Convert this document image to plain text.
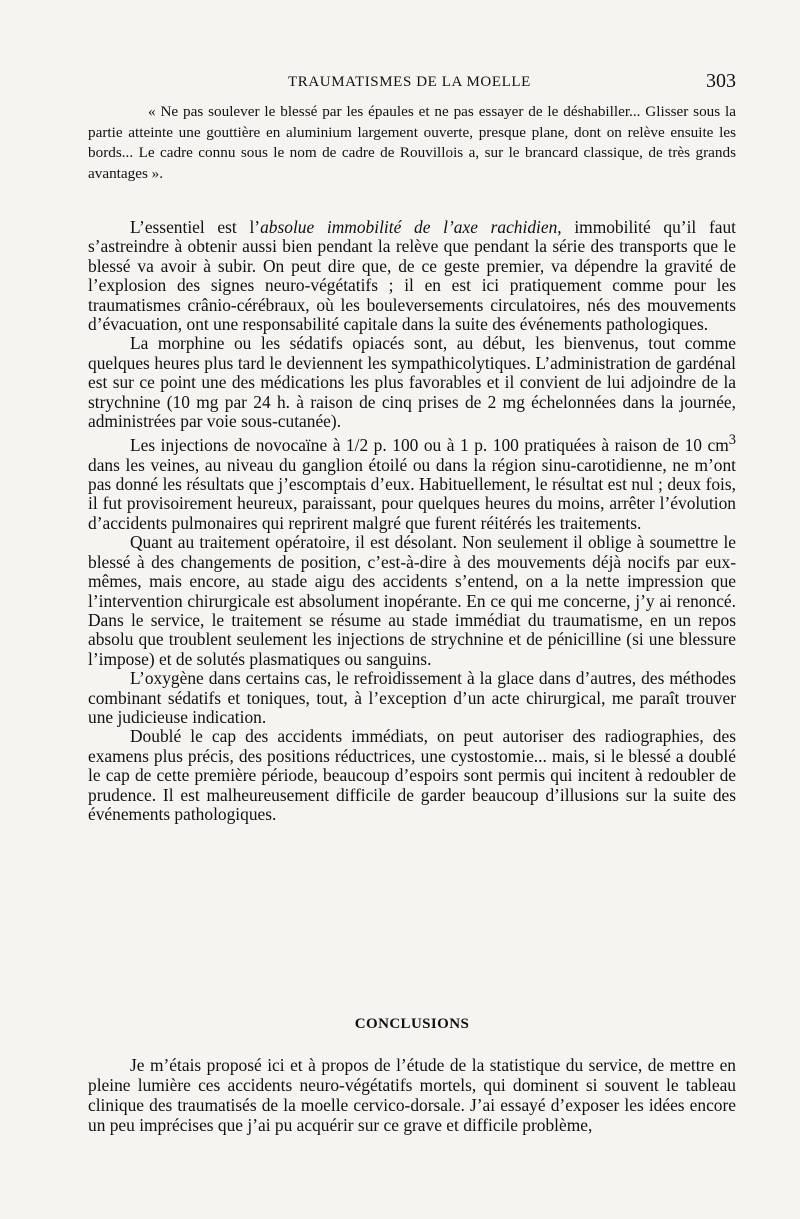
TRAUMATISMES DE LA MOELLE	303
« Ne pas soulever le blessé par les épaules et ne pas essayer de le déshabiller... Glisser sous la partie atteinte une gouttière en aluminium largement ouverte, presque plane, dont on relève ensuite les bords... Le cadre connu sous le nom de cadre de Rouvillois a, sur le brancard classique, de très grands avantages ».

L’essentiel est l’absolue immobilité de l’axe rachidien, immobilité qu’il faut s’astreindre à obtenir aussi bien pendant la relève que pendant la série des transports que le blessé va avoir à subir. On peut dire que, de ce geste premier, va dépendre la gravité de l’explosion des signes neuro-végétatifs ; il en est ici pratiquement comme pour les traumatismes crânio-cérébraux, où les bouleversements circulatoires, nés des mouvements d’évacuation, ont une responsabilité capitale dans la suite des événements pathologiques.

La morphine ou les sédatifs opiacés sont, au début, les bienvenus, tout comme quelques heures plus tard le deviennent les sympathicolytiques. L’administration de gardénal est sur ce point une des médications les plus favorables et il convient de lui adjoindre de la strychnine (10 mg par 24 h. à raison de cinq prises de 2 mg échelonnées dans la journée, administrées par voie sous-cutanée).

Les injections de novocaïne à 1/2 p. 100 ou à 1 p. 100 pratiquées à raison de 10 $cm^3$ dans les veines, au niveau du ganglion étoilé ou dans la région sinu-carotidienne, ne m’ont pas donné les résultats que j’escomptais d’eux. Habituellement, le résultat est nul ; deux fois, il fut provisoirement heureux, paraissant, pour quelques heures du moins, arrêter l’évolution d’accidents pulmonaires qui reprirent malgré que furent réitérés les traitements.

Quant au traitement opératoire, il est désolant. Non seulement il oblige à soumettre le blessé à des changements de position, c’est-à-dire à des mouvements déjà nocifs par eux-mêmes, mais encore, au stade aigu des accidents s’entend, on a la nette impression que l’intervention chirurgicale est absolument inopérante. En ce qui me concerne, j’y ai renoncé. Dans le service, le traitement se résume au stade immédiat du traumatisme, en un repos absolu que troublent seulement les injections de strychnine et de pénicilline (si une blessure l’impose) et de solutés plasmatiques ou sanguins.

L’oxygène dans certains cas, le refroidissement à la glace dans d’autres, des méthodes combinant sédatifs et toniques, tout, à l’exception d’un acte chirurgical, me paraît trouver une judicieuse indication.

Doublé le cap des accidents immédiats, on peut autoriser des radiographies, des examens plus précis, des positions réductrices, une cystostomie... mais, si le blessé a doublé le cap de cette première période, beaucoup d’espoirs sont permis qui incitent à redoubler de prudence. Il est malheureusement difficile de garder beaucoup d’illusions sur la suite des événements pathologiques.

CONCLUSIONS

Je m’étais proposé ici et à propos de l’étude de la statistique du service, de mettre en pleine lumière ces accidents neuro-végétatifs mortels, qui dominent si souvent le tableau clinique des traumatisés de la moelle cervico-dorsale. J’ai essayé d’exposer les idées encore un peu imprécises que j’ai pu acquérir sur ce grave et difficile problème,
